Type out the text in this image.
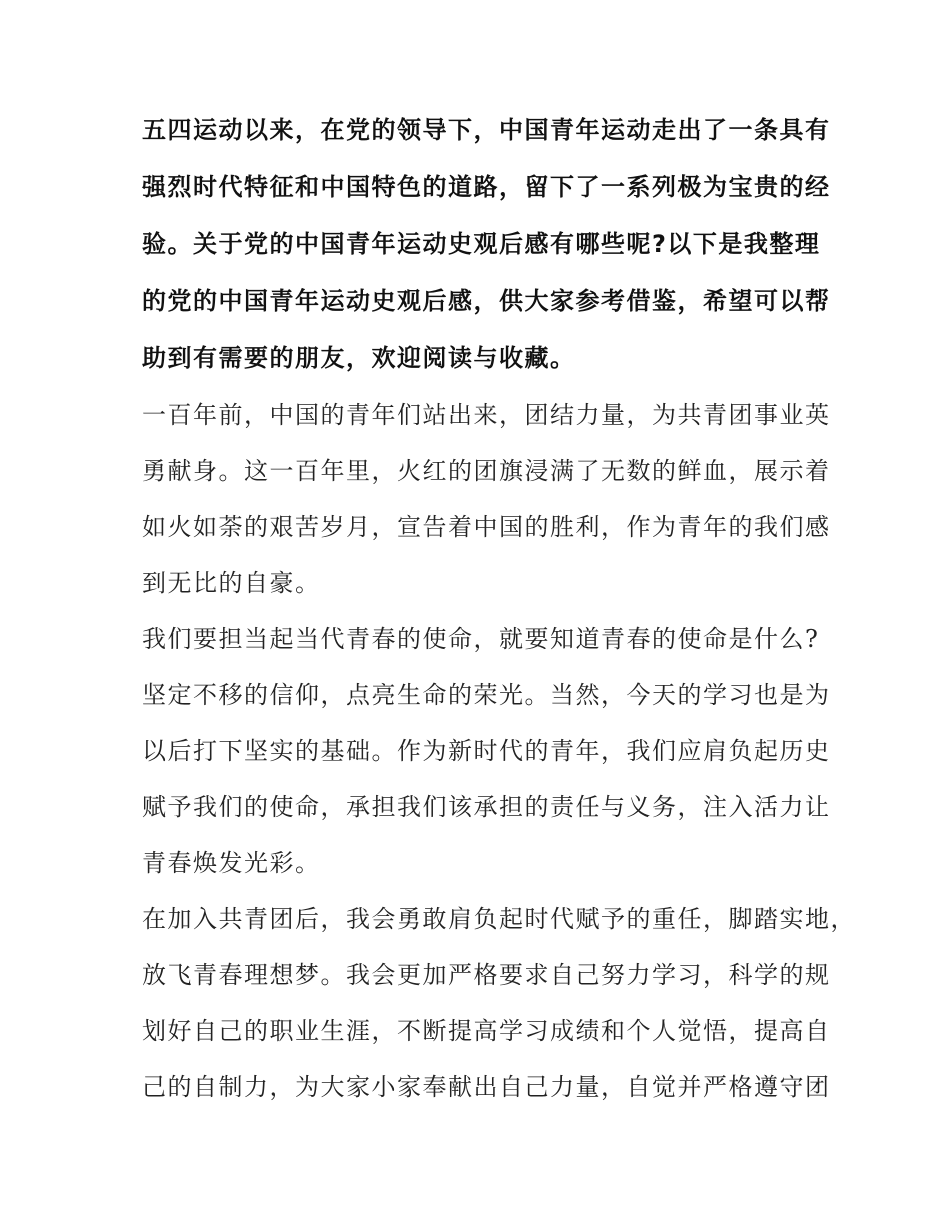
五四运动以来，在党的领导下，中国青年运动走出了一条具有
强烈时代特征和中国特色的道路，留下了一系列极为宝贵的经
验。关于党的中国青年运动史观后感有哪些呢?以下是我整理
的党的中国青年运动史观后感，供大家参考借鉴，希望可以帮
助到有需要的朋友，欢迎阅读与收藏。
一百年前，中国的青年们站出来，团结力量，为共青团事业英
勇献身。这一百年里，火红的团旗浸满了无数的鲜血，展示着
如火如荼的艰苦岁月，宣告着中国的胜利，作为青年的我们感
到无比的自豪。
我们要担当起当代青春的使命，就要知道青春的使命是什么?
坚定不移的信仰，点亮生命的荣光。当然，今天的学习也是为
以后打下坚实的基础。作为新时代的青年，我们应肩负起历史
赋予我们的使命，承担我们该承担的责任与义务，注入活力让
青春焕发光彩。
在加入共青团后，我会勇敢肩负起时代赋予的重任，脚踏实地，
放飞青春理想梦。我会更加严格要求自己努力学习，科学的规
划好自己的职业生涯，不断提高学习成绩和个人觉悟，提高自
己的自制力，为大家小家奉献出自己力量，自觉并严格遵守团
